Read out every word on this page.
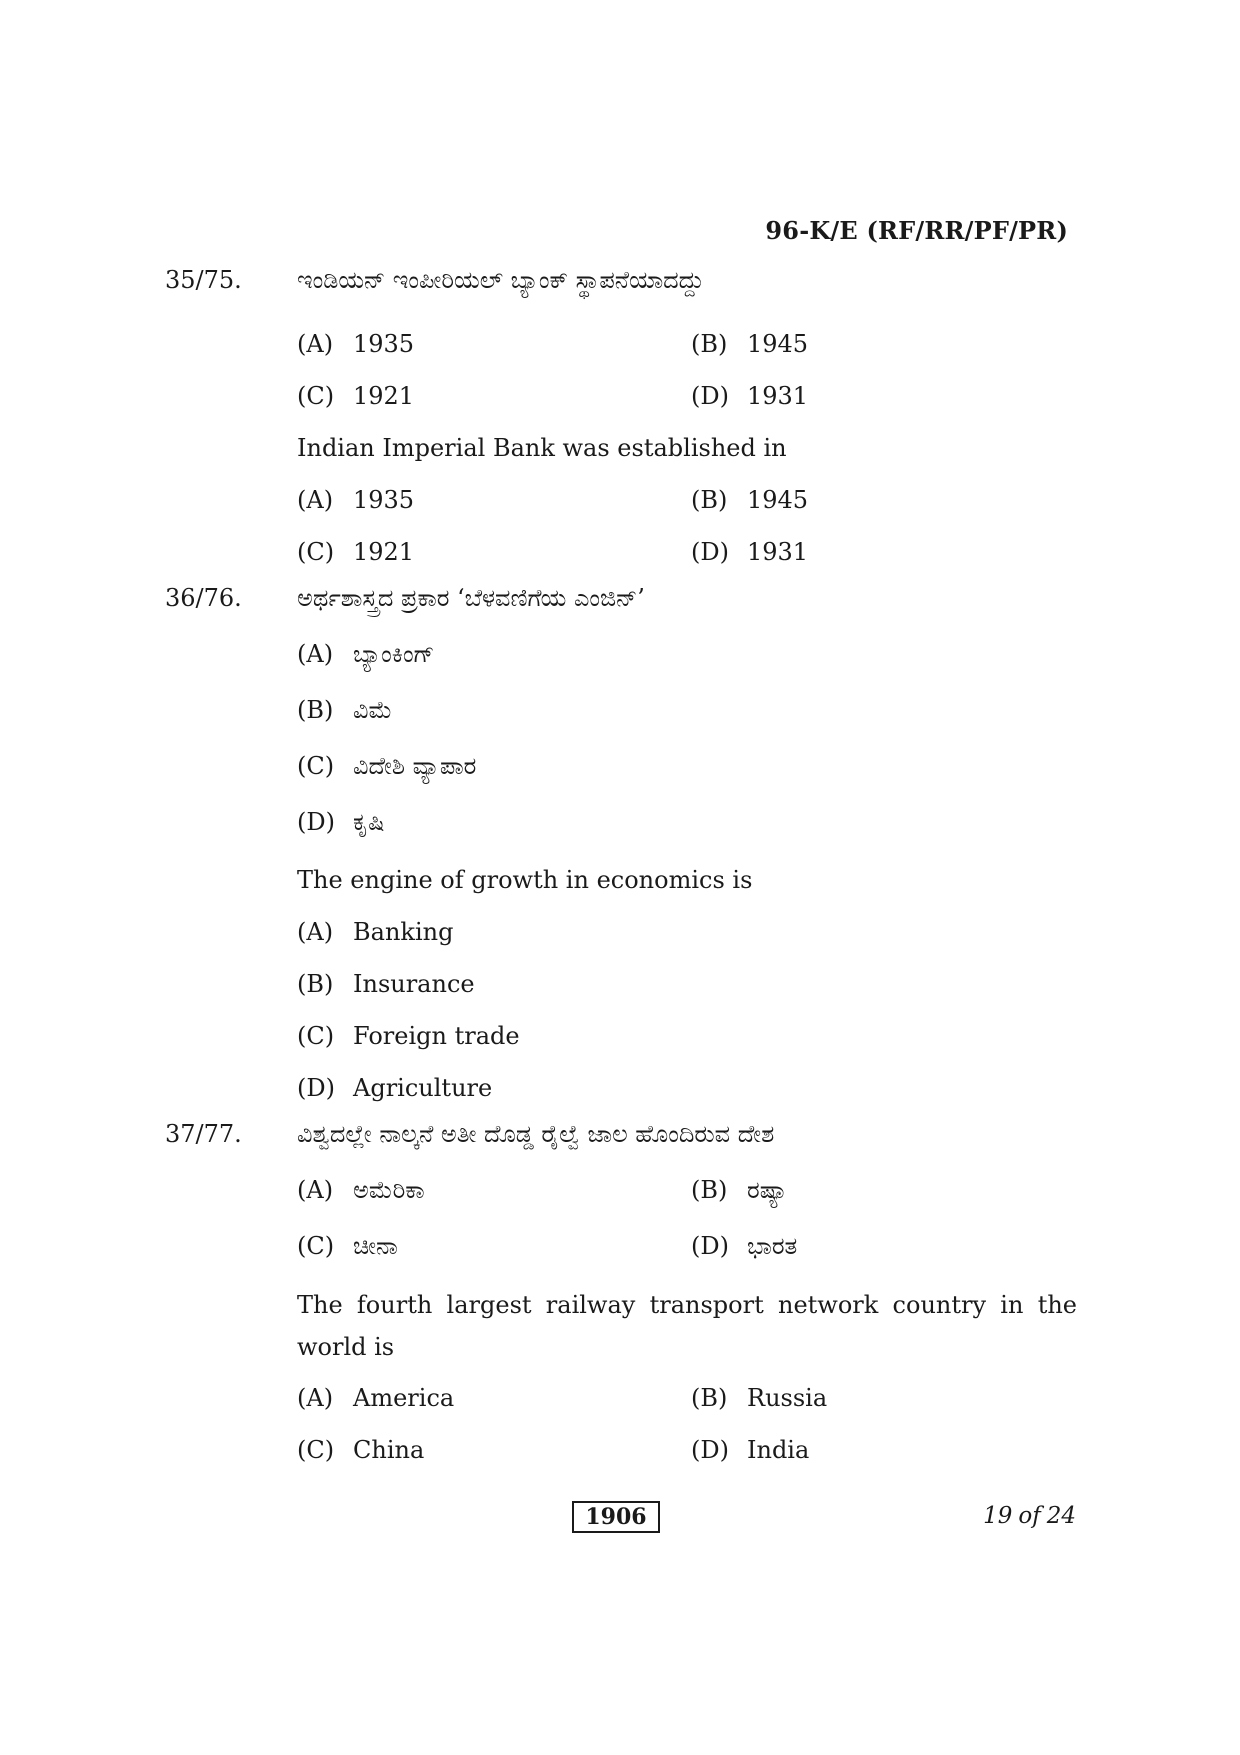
96-K/E (RF/RR/PF/PR)
35/75. ಇಂಡಿಯನ್ ಇಂಪೀರಿಯಲ್ ಬ್ಯಾಂಕ್ ಸ್ಥಾಪನೆಯಾದದ್ದು
(A) 1935	(B) 1945
(C) 1921	(D) 1931
Indian Imperial Bank was established in
(A) 1935	(B) 1945
(C) 1921	(D) 1931
36/76. ಅರ್ಥಶಾಸ್ತ್ರದ ಪ್ರಕಾರ ‘ಬೆಳವಣಿಗೆಯ ಎಂಜಿನ್’
(A) ಬ್ಯಾಂಕಿಂಗ್
(B) ವಿಮೆ
(C) ವಿದೇಶಿ ವ್ಯಾಪಾರ
(D) ಕೃಷಿ
The engine of growth in economics is
(A) Banking
(B) Insurance
(C) Foreign trade
(D) Agriculture
37/77. ವಿಶ್ವದಲ್ಲೇ ನಾಲ್ಕನೆ ಅತೀ ದೊಡ್ಡ ರೈಲ್ವೆ ಜಾಲ ಹೊಂದಿರುವ ದೇಶ
(A) ಅಮೆರಿಕಾ	(B) ರಷ್ಯಾ
(C) ಚೀನಾ	(D) ಭಾರತ
The fourth largest railway transport network country in the world is
(A) America	(B) Russia
(C) China	(D) India
1906	19 of 24
